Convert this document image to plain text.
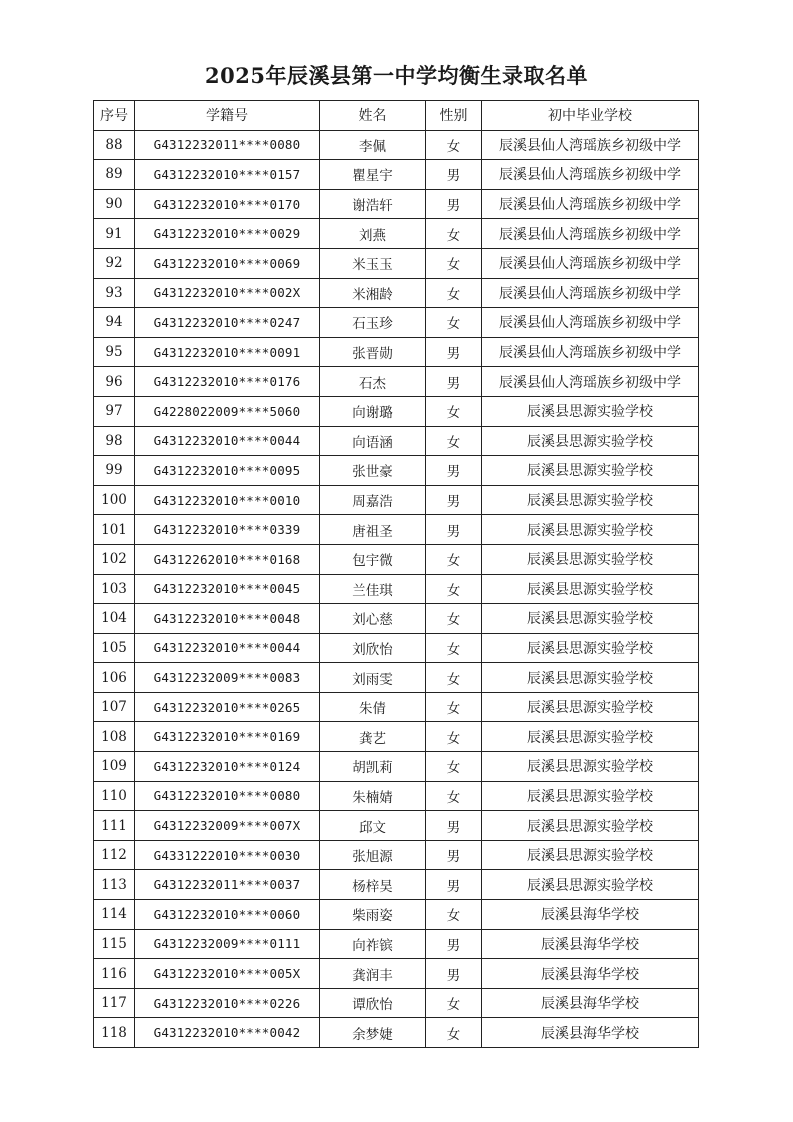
2025年辰溪县第一中学均衡生录取名单
序号	学籍号	姓名	性别	初中毕业学校
88	G4312232011****0080	李佩	女	辰溪县仙人湾瑶族乡初级中学
89	G4312232010****0157	瞿星宇	男	辰溪县仙人湾瑶族乡初级中学
90	G4312232010****0170	谢浩轩	男	辰溪县仙人湾瑶族乡初级中学
91	G4312232010****0029	刘燕	女	辰溪县仙人湾瑶族乡初级中学
92	G4312232010****0069	米玉玉	女	辰溪县仙人湾瑶族乡初级中学
93	G4312232010****002X	米湘龄	女	辰溪县仙人湾瑶族乡初级中学
94	G4312232010****0247	石玉珍	女	辰溪县仙人湾瑶族乡初级中学
95	G4312232010****0091	张晋勋	男	辰溪县仙人湾瑶族乡初级中学
96	G4312232010****0176	石杰	男	辰溪县仙人湾瑶族乡初级中学
97	G4228022009****5060	向谢璐	女	辰溪县思源实验学校
98	G4312232010****0044	向语涵	女	辰溪县思源实验学校
99	G4312232010****0095	张世豪	男	辰溪县思源实验学校
100	G4312232010****0010	周嘉浩	男	辰溪县思源实验学校
101	G4312232010****0339	唐祖圣	男	辰溪县思源实验学校
102	G4312262010****0168	包宇微	女	辰溪县思源实验学校
103	G4312232010****0045	兰佳琪	女	辰溪县思源实验学校
104	G4312232010****0048	刘心慈	女	辰溪县思源实验学校
105	G4312232010****0044	刘欣怡	女	辰溪县思源实验学校
106	G4312232009****0083	刘雨雯	女	辰溪县思源实验学校
107	G4312232010****0265	朱倩	女	辰溪县思源实验学校
108	G4312232010****0169	龚艺	女	辰溪县思源实验学校
109	G4312232010****0124	胡凯莉	女	辰溪县思源实验学校
110	G4312232010****0080	朱楠婧	女	辰溪县思源实验学校
111	G4312232009****007X	邱文	男	辰溪县思源实验学校
112	G4331222010****0030	张旭源	男	辰溪县思源实验学校
113	G4312232011****0037	杨梓昊	男	辰溪县思源实验学校
114	G4312232010****0060	柴雨姿	女	辰溪县海华学校
115	G4312232009****0111	向祚镔	男	辰溪县海华学校
116	G4312232010****005X	龚润丰	男	辰溪县海华学校
117	G4312232010****0226	谭欣怡	女	辰溪县海华学校
118	G4312232010****0042	余梦婕	女	辰溪县海华学校
